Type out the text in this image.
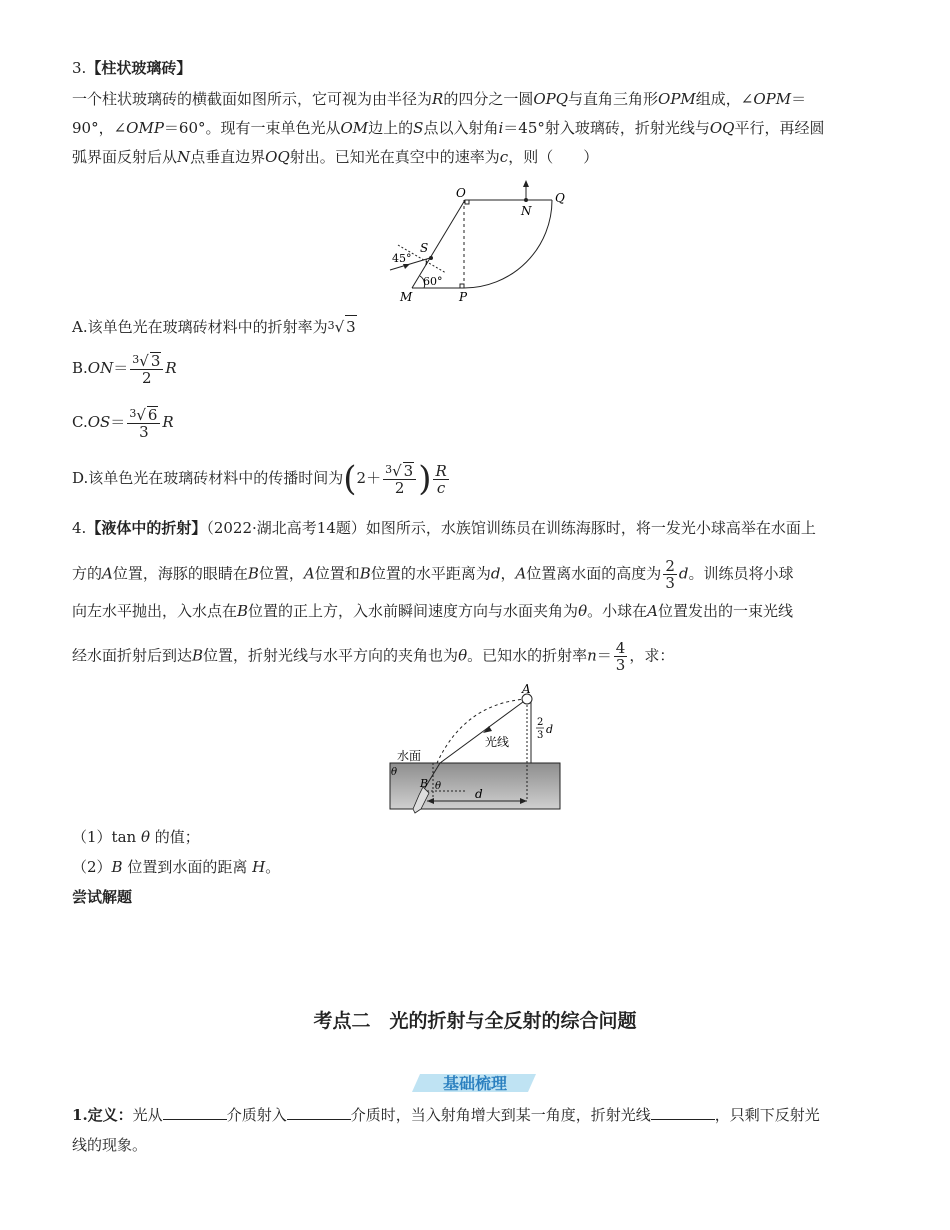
3.【柱状玻璃砖】
一个柱状玻璃砖的横截面如图所示，它可视为由半径为R的四分之一圆OPQ与直角三角形OPM组成，∠OPM＝
90°，∠OMP＝60°。现有一束单色光从OM边上的S点以入射角i＝45°射入玻璃砖，折射光线与OQ平行，再经圆
弧界面反射后从N点垂直边界OQ射出。已知光在真空中的速率为c，则（　　）
O
N
Q
S
M	P
45°
60°
i
A.该单色光在玻璃砖材料中的折射率为$^3$√ 3
$B.ON= \frac{^3√ 3}{2}$ R
$C.OS= \frac{^3√ 6}{3}$ R
D.该单色光在玻璃砖材料中的传播时间为($2+ \frac{^3√ 3}{2}$ ) $\frac{R}{c}$
4.【液体中的折射】（2022·湖北高考14题）如图所示，水族馆训练员在训练海豚时，将一发光小球高举在水面上
方的A位置，海豚的眼睛在B位置，A位置和B位置的水平距离为d，A位置离水面的高度为 $\frac{2}{3}$ d。训练员将小球
向左水平抛出，入水点在B位置的正上方，入水前瞬间速度方向与水面夹角为θ。小球在A位置发出的一束光线
经水面折射后到达B位置，折射光线与水平方向的夹角也为θ。已知水的折射率$n= \frac{4}{3}$ ，求：
A
B
水面
光线
d
2
3 d
θ
θ
（1）tan θ 的值；
（2）B 位置到水面的距离 H。
尝试解题
考点二　光的折射与全反射的综合问题
基础梳理
1.定义：光从	介质射入	介质时，当入射角增大到某一角度，折射光线	，只剩下反射光
线的现象。
